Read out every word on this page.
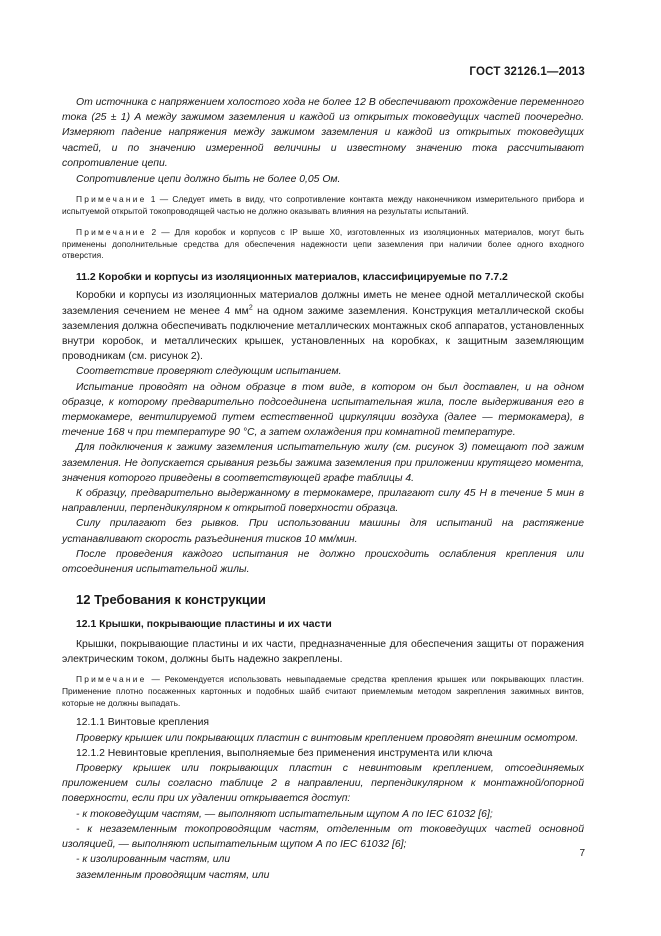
ГОСТ 32126.1—2013

От источника с напряжением холостого хода не более 12 В обеспечивают прохождение переменного тока (25 ± 1) А между зажимом заземления и каждой из открытых токоведущих частей поочередно. Измеряют падение напряжения между зажимом заземления и каждой из открытых токоведущих частей, и по значению измеренной величины и известному значению тока рассчитывают сопротивление цепи.

Сопротивление цепи должно быть не более 0,05 Ом.

Примечание 1 — Следует иметь в виду, что сопротивление контакта между наконечником измерительного прибора и испытуемой открытой токопроводящей частью не должно оказывать влияния на результаты испытаний.

Примечание 2 — Для коробок и корпусов с IP выше X0, изготовленных из изоляционных материалов, могут быть применены дополнительные средства для обеспечения надежности цепи заземления при наличии более одного входного отверстия.

11.2 Коробки и корпусы из изоляционных материалов, классифицируемые по 7.7.2

Коробки и корпусы из изоляционных материалов должны иметь не менее одной металлической скобы заземления сечением не менее 4 $мм^2$ на одном зажиме заземления. Конструкция металлической скобы заземления должна обеспечивать подключение металлических монтажных скоб аппаратов, установленных внутри коробок, и металлических крышек, установленных на коробках, к защитным заземляющим проводникам (см. рисунок 2).

Соответствие проверяют следующим испытанием.

Испытание проводят на одном образце в том виде, в котором он был доставлен, и на одном образце, к которому предварительно подсоединена испытательная жила, после выдерживания его в термокамере, вентилируемой путем естественной циркуляции воздуха (далее — термокамера), в течение 168 ч при температуре 90 °С, а затем охлаждения при комнатной температуре.

Для подключения к зажиму заземления испытательную жилу (см. рисунок 3) помещают под зажим заземления. Не допускается срывания резьбы зажима заземления при приложении крутящего момента, значения которого приведены в соответствующей графе таблицы 4.

К образцу, предварительно выдержанному в термокамере, прилагают силу 45 Н в течение 5 мин в направлении, перпендикулярном к открытой поверхности образца.

Силу прилагают без рывков. При использовании машины для испытаний на растяжение устанавливают скорость разъединения тисков 10 мм/мин.

После проведения каждого испытания не должно происходить ослабления крепления или отсоединения испытательной жилы.

12 Требования к конструкции
12.1 Крышки, покрывающие пластины и их части

Крышки, покрывающие пластины и их части, предназначенные для обеспечения защиты от поражения электрическим током, должны быть надежно закреплены.

Примечание — Рекомендуется использовать невыпадаемые средства крепления крышек или покрывающих пластин. Применение плотно посаженных картонных и подобных шайб считают приемлемым методом закрепления зажимных винтов, которые не должны выпадать.

12.1.1 Винтовые крепления

Проверку крышек или покрывающих пластин с винтовым креплением проводят внешним осмотром.

12.1.2 Невинтовые крепления, выполняемые без применения инструмента или ключа

Проверку крышек или покрывающих пластин с невинтовым креплением, отсоединяемых приложением силы согласно таблице 2 в направлении, перпендикулярном к монтажной/опорной поверхности, если при их удалении открывается доступ:

- к токоведущим частям, — выполняют испытательным щупом А по IEC 61032 [6];

- к незаземленным токопроводящим частям, отделенным от токоведущих частей основной изоляцией, — выполняют испытательным щупом А по IEC 61032 [6];

- к изолированным частям, или

заземленным проводящим частям, или

7
